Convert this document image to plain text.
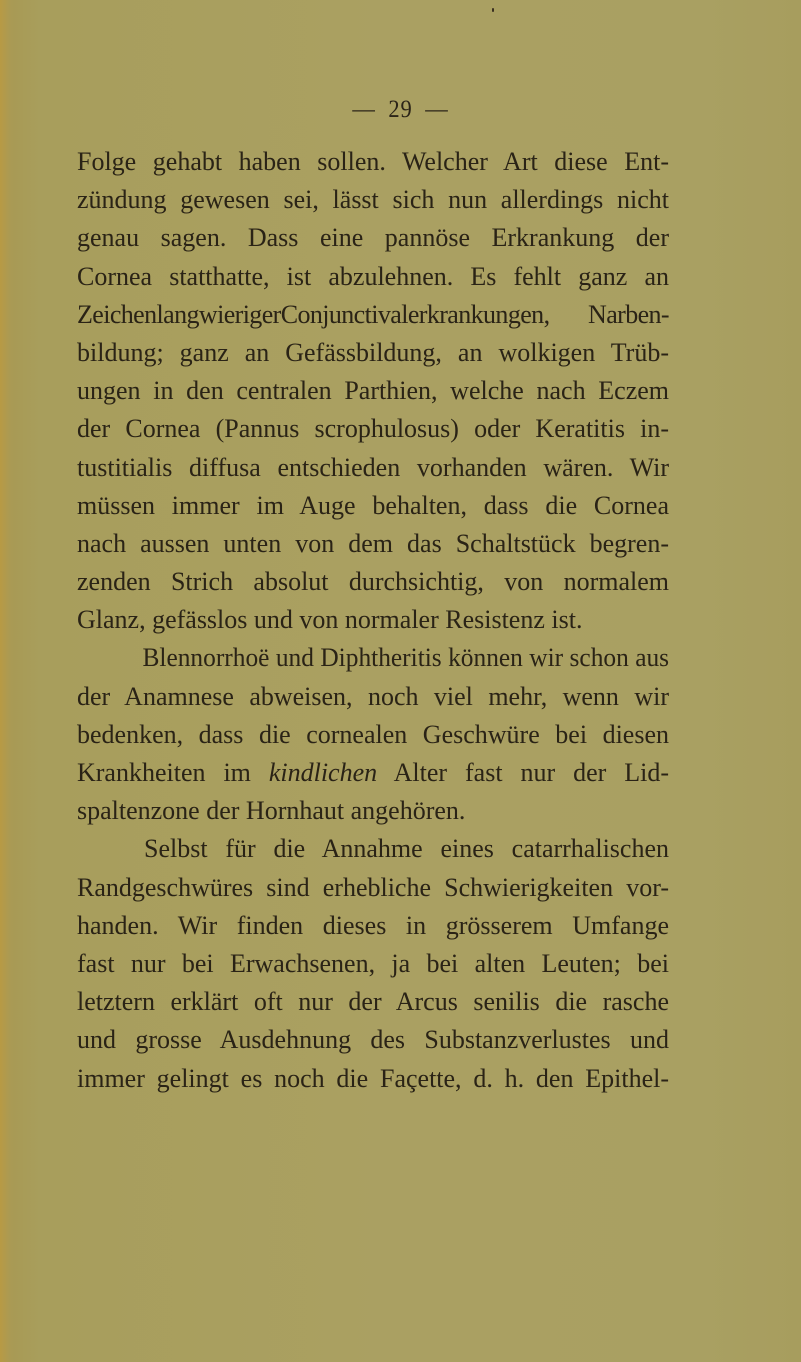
— 29 —
Folge gehabt haben sollen. Welcher Art diese Ent-
zündung gewesen sei, lässt sich nun allerdings nicht
genau sagen. Dass eine pannöse Erkrankung der
Cornea statthatte, ist abzulehnen. Es fehlt ganz an
ZeichenlangwierigerConjunctivalerkrankungen, Narben-
bildung; ganz an Gefässbildung, an wolkigen Trüb-
ungen in den centralen Parthien, welche nach Eczem
der Cornea (Pannus scrophulosus) oder Keratitis in-
tustitialis diffusa entschieden vorhanden wären. Wir
müssen immer im Auge behalten, dass die Cornea
nach aussen unten von dem das Schaltstück begren-
zenden Strich absolut durchsichtig, von normalem
Glanz, gefässlos und von normaler Resistenz ist.
Blennorrhoë und Diphtheritis können wir schon aus
der Anamnese abweisen, noch viel mehr, wenn wir
bedenken, dass die cornealen Geschwüre bei diesen
Krankheiten im kindlichen Alter fast nur der Lid-
spaltenzone der Hornhaut angehören.
Selbst für die Annahme eines catarrhalischen
Randgeschwüres sind erhebliche Schwierigkeiten vor-
handen. Wir finden dieses in grösserem Umfange
fast nur bei Erwachsenen, ja bei alten Leuten; bei
letztern erklärt oft nur der Arcus senilis die rasche
und grosse Ausdehnung des Substanzverlustes und
immer gelingt es noch die Façette, d. h. den Epithel-
